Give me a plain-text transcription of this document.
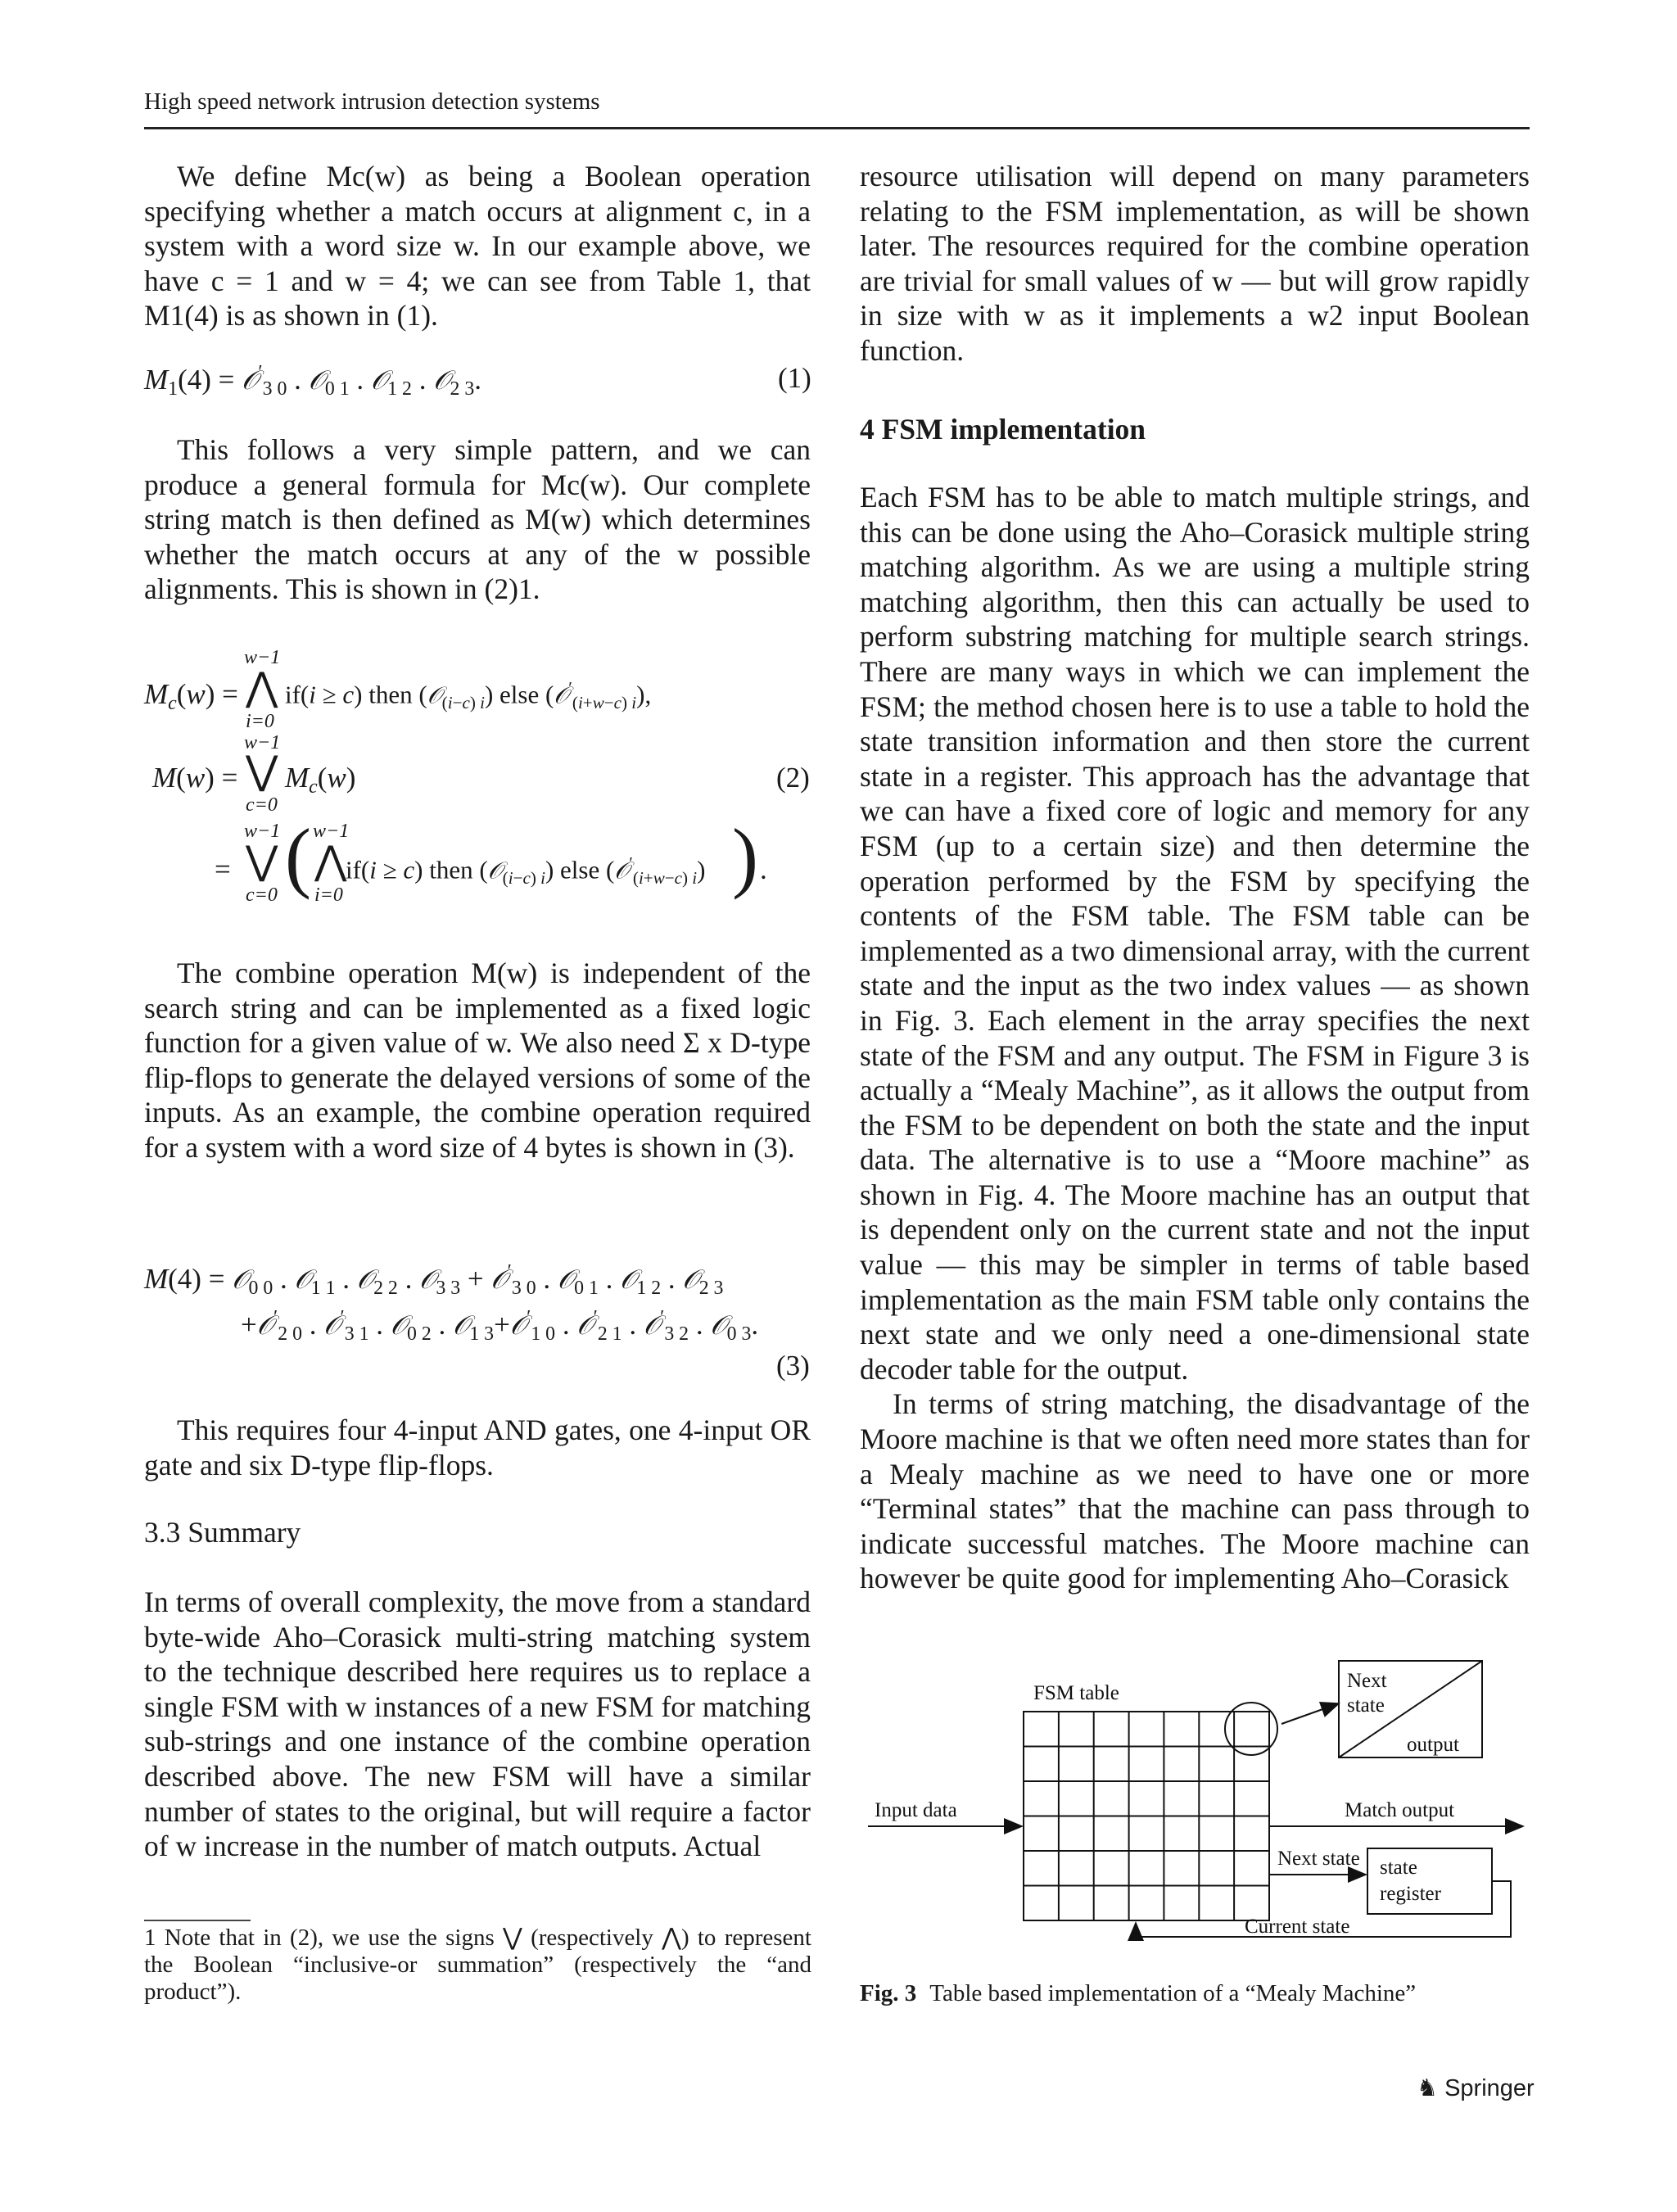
High speed network intrusion detection systems

We define Mc(w) as being a Boolean operation specifying whether a match occurs at alignment c, in a system with a word size w. In our example above, we have c = 1 and w = 4; we can see from Table 1, that M1(4) is as shown in (1).

$M_1(4)$ = 𝒪′$_{3 0}$ . 𝒪$_{0 1}$ . 𝒪$_{1 2}$ . 𝒪$_{2 3}$.	(1)

This follows a very simple pattern, and we can produce a general formula for Mc(w). Our complete string match is then defined as M(w) which determines whether the match occurs at any of the w possible alignments. This is shown in (2)1.

$M_c(w)$ =
w−1
⋀
i=0
if(i ≥ c) then (𝒪$_{(i-c) i}$) else (𝒪′$_{(i+w-c) i}$),
M(w) =
w−1
⋁
c=0
$M_c(w)$	(2)
=
w−1
⋁
c=0 ( w−1
⋀
i=0
if(i ≥ c) then (𝒪$_{(i-c) i}$) else (𝒪′$_{(i+w-c) i}$) ) .

The combine operation M(w) is independent of the search string and can be implemented as a fixed logic function for a given value of w. We also need Σ x D-type flip-flops to generate the delayed versions of some of the inputs. As an example, the combine operation required for a system with a word size of 4 bytes is shown in (3).

M(4) = 𝒪$_{0 0}$ . 𝒪$_{1 1}$ . 𝒪$_{2 2}$ . 𝒪$_{3 3}$ + 𝒪′$_{3 0}$ . 𝒪$_{0 1}$ . 𝒪$_{1 2}$ . 𝒪$_{2 3}$
+𝒪′$_{2 0}$ . 𝒪′$_{3 1}$ . 𝒪$_{0 2}$ . 𝒪$_{1 3}$+𝒪′$_{1 0}$ . 𝒪′$_{2 1}$ . 𝒪′$_{3 2}$ . 𝒪$_{0 3}$.
(3)

This requires four 4-input AND gates, one 4-input OR gate and six D-type flip-flops.

3.3 Summary

In terms of overall complexity, the move from a standard byte-wide Aho–Corasick multi-string matching system to the technique described here requires us to replace a single FSM with w instances of a new FSM for matching sub-strings and one instance of the combine operation described above. The new FSM will have a similar number of states to the original, but will require a factor of w increase in the number of match outputs. Actual

1 Note that in (2), we use the signs ⋁ (respectively ⋀) to represent the Boolean “inclusive-or summation” (respectively the “and product”).

resource utilisation will depend on many parameters relating to the FSM implementation, as will be shown later. The resources required for the combine operation are trivial for small values of w — but will grow rapidly in size with w as it implements a w2 input Boolean function.

4 FSM implementation

Each FSM has to be able to match multiple strings, and this can be done using the Aho–Corasick multiple string matching algorithm. As we are using a multiple string matching algorithm, then this can actually be used to perform substring matching for multiple search strings. There are many ways in which we can implement the FSM; the method chosen here is to use a table to hold the state transition information and then store the current state in a register. This approach has the advantage that we can have a fixed core of logic and memory for any FSM (up to a certain size) and then determine the operation performed by the FSM by specifying the contents of the FSM table. The FSM table can be implemented as a two dimensional array, with the current state and the input as the two index values — as shown in Fig. 3. Each element in the array specifies the next state of the FSM and any output. The FSM in Figure 3 is actually a “Mealy Machine”, as it allows the output from the FSM to be dependent on both the state and the input data. The alternative is to use a “Moore machine” as shown in Fig. 4. The Moore machine has an output that is dependent only on the current state and not the input value — this may be simpler in terms of table based implementation as the main FSM table only contains the next state and we only need a one-dimensional state decoder table for the output.

In terms of string matching, the disadvantage of the Moore machine is that we often need more states than for a Mealy machine as we need to have one or more “Terminal states” that the machine can pass through to indicate successful matches. The Moore machine can however be quite good for implementing Aho–Corasick

Next
state
output
FSM table
Input data	Match output
Next state state
register
Current state
Fig. 3 Table based implementation of a “Mealy Machine”
♞ Springer
